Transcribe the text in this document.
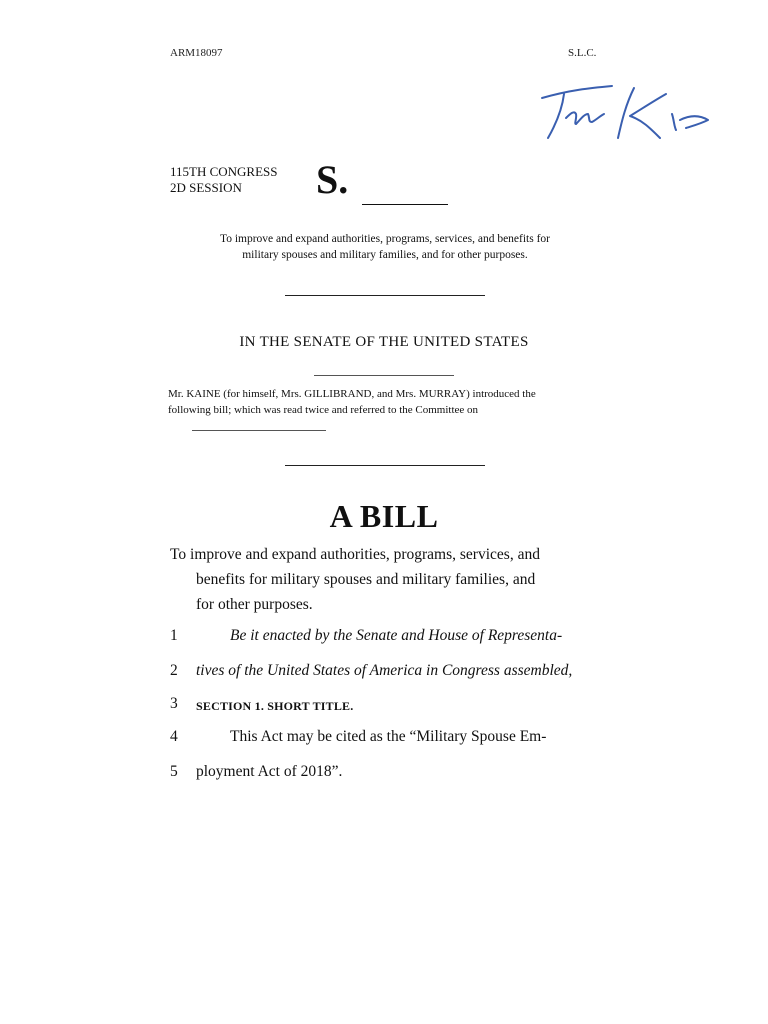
ARM18097	S.L.C.
115TH CONGRESS
2D SESSION	S.
To improve and expand authorities, programs, services, and benefits for
military spouses and military families, and for other purposes.
IN THE SENATE OF THE UNITED STATES
Mr. KAINE (for himself, Mrs. GILLIBRAND, and Mrs. MURRAY) introduced the
following bill; which was read twice and referred to the Committee on
A BILL
To improve and expand authorities, programs, services, and
benefits for military spouses and military families, and
for other purposes.
1	Be it enacted by the Senate and House of Representa-
2	tives of the United States of America in Congress assembled,
3	SECTION 1. SHORT TITLE.
4	This Act may be cited as the “Military Spouse Em-
5	ployment Act of 2018”.
